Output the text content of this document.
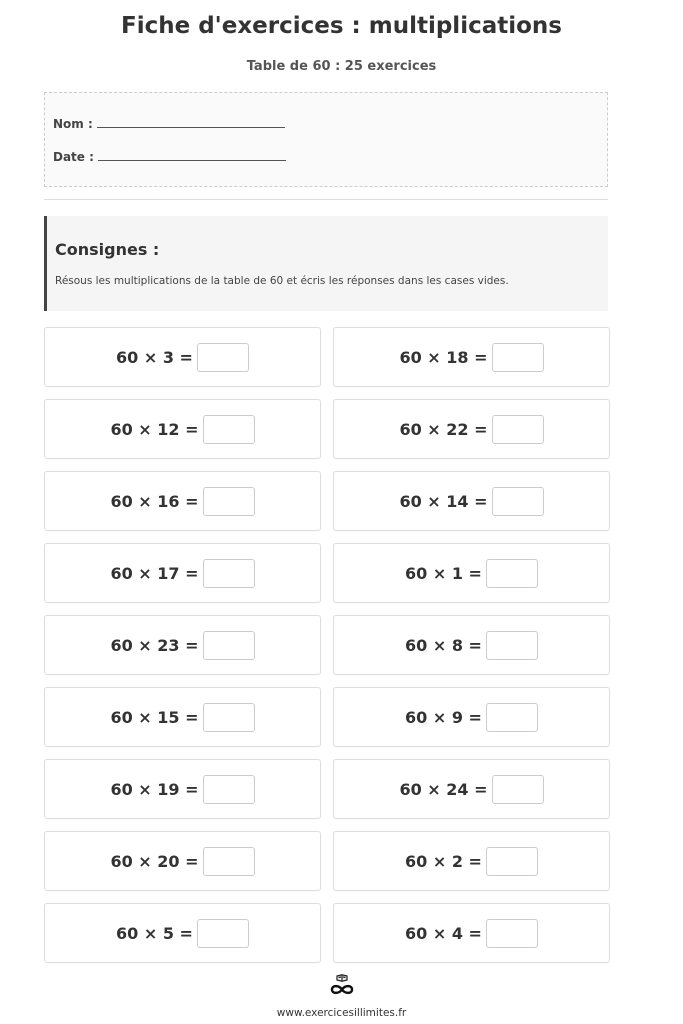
Fiche d'exercices : multiplications
Table de 60 : 25 exercices
Nom :
Date :
Consignes :
Résous les multiplications de la table de 60 et écris les réponses dans les cases vides.
60 × 3 =	60 × 18 =
60 × 12 =	60 × 22 =
60 × 16 =	60 × 14 =
60 × 17 =	60 × 1 =
60 × 23 =	60 × 8 =
60 × 15 =	60 × 9 =
60 × 19 =	60 × 24 =
60 × 20 =	60 × 2 =
60 × 5 =	60 × 4 =
www.exercicesillimites.fr
